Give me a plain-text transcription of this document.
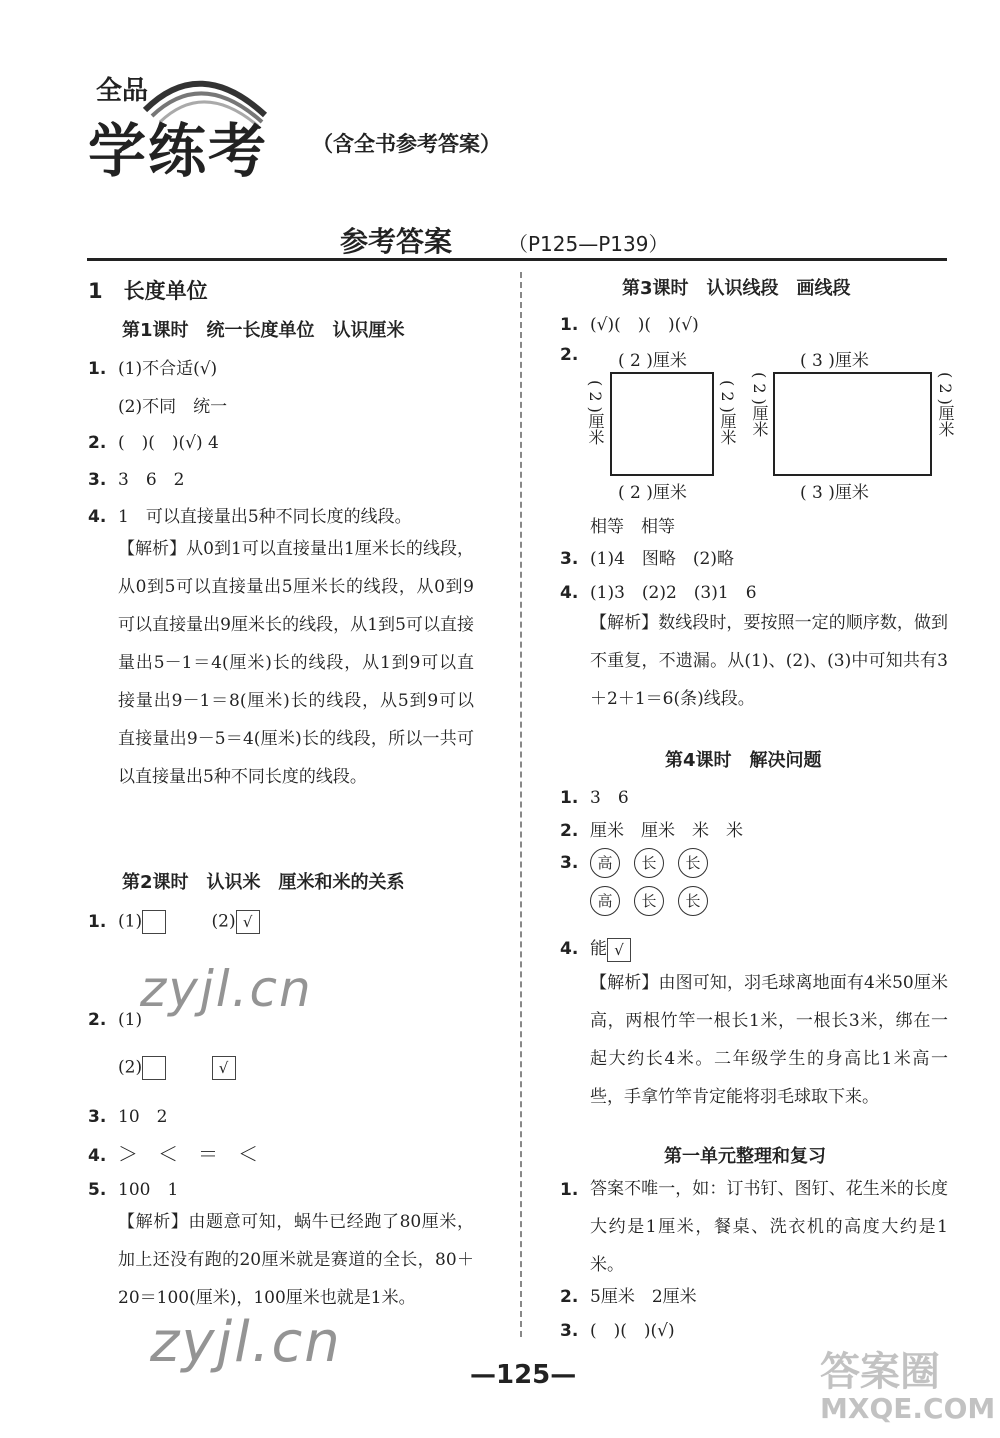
全品
学练考 （含全书参考答案）
参考答案	（P125—P139）
1　长度单位
第1课时　统一长度单位　认识厘米
1. (1)不合适(√)
(2)不同　统一
2. (　)(　)(√) 4
3. 3　6　2
4. 1　可以直接量出5种不同长度的线段。
【解析】从0到1可以直接量出1厘米长的线段，从0到5可以直接量出5厘米长的线段，从0到9可以直接量出9厘米长的线段，从1到5可以直接量出5－1＝4(厘米)长的线段，从1到9可以直接量出9－1＝8(厘米)长的线段，从5到9可以直接量出9－5＝4(厘米)长的线段，所以一共可以直接量出5种不同长度的线段。
第2课时　认识米　厘米和米的关系
1. (1)	(2) √
2. (1)
(2)	√
3. 10　2
4. ＞　＜　＝　＜
5. 100　1
【解析】由题意可知，蜗牛已经跑了80厘米，加上还没有跑的20厘米就是赛道的全长，80＋20＝100(厘米)，100厘米也就是1米。
zyjl.cn
zyjl.cn
第3课时　认识线段　画线段
1. (√)(　)(　)(√)
2.	( 2 )厘米
( 2 )厘米
( 2 )厘米	( 2 )厘米
( 3 )厘米
( 3 )厘米
( 2 )厘米	( 2 )厘米
相等　相等
3. (1)4　图略　(2)略
4. (1)3　(2)2　(3)1　6
【解析】数线段时，要按照一定的顺序数，做到不重复，不遗漏。从(1)、(2)、(3)中可知共有3＋2＋1＝6(条)线段。
第4课时　解决问题
1. 3　6
2. 厘米　厘米　米　米
3. 高 长 长
高 长 长
4. 能 √
【解析】由图可知，羽毛球离地面有4米50厘米高，两根竹竿一根长1米，一根长3米，绑在一起大约长4米。二年级学生的身高比1米高一些，手拿竹竿肯定能将羽毛球取下来。
第一单元整理和复习
1. 答案不唯一，如：订书钉、图钉、花生米的长度大约是1厘米，餐桌、洗衣机的高度大约是1米。
2. 5厘米　2厘米
3. (　)(　)(√)
—125—	答案圈
MXQE.COM
